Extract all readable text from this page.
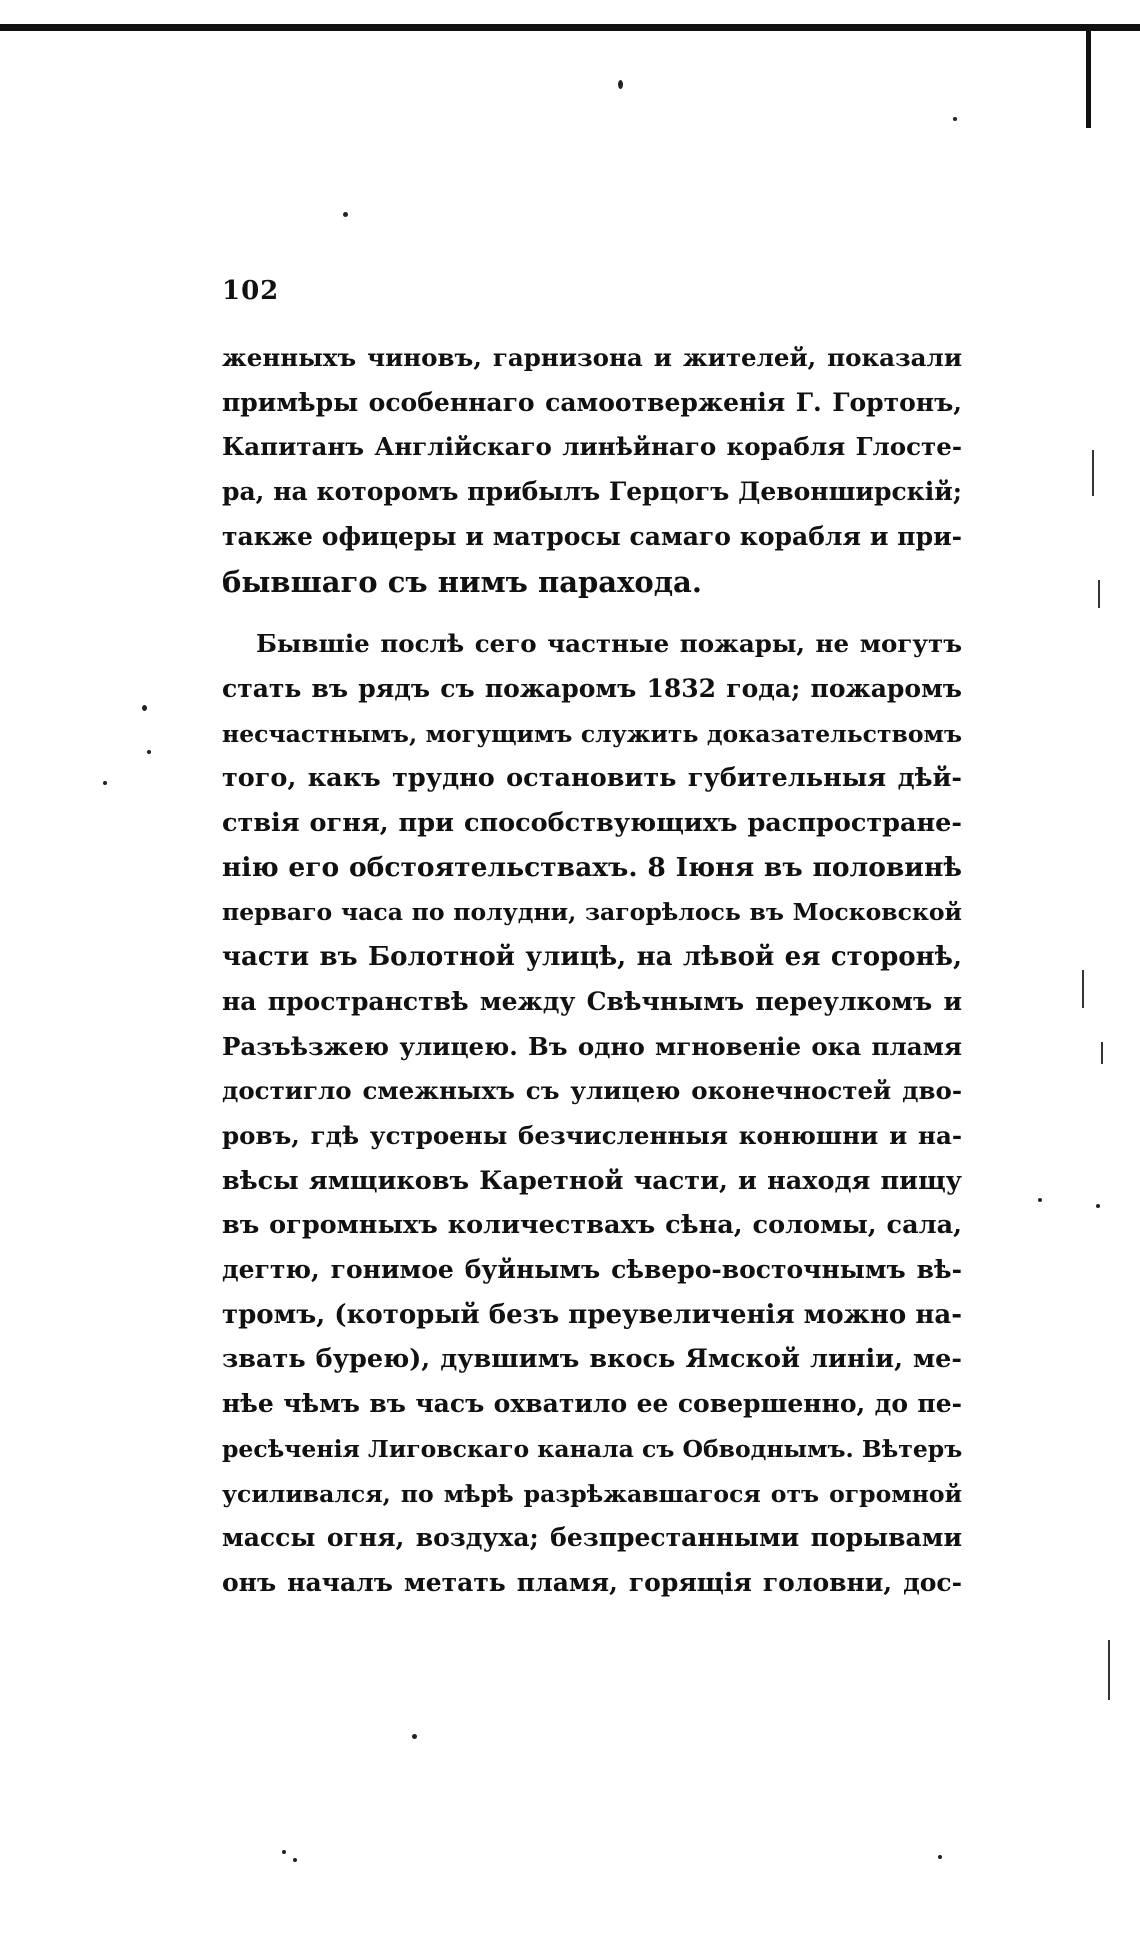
102
женныхъ чиновъ, гарнизона и жителей, показали
примѣры особеннаго самоотверженія Г. Гортонъ,
Капитанъ Англійскаго линѣйнаго корабля Глосте-
ра, на которомъ прибылъ Герцогъ Девонширскій;
также офицеры и матросы самаго корабля и при-
бывшаго съ нимъ парахода.
Бывшіе послѣ сего частные пожары, не могутъ
стать въ рядъ съ пожаромъ 1832 года; пожаромъ
несчастнымъ, могущимъ служить доказательствомъ
того, какъ трудно остановить губительныя дѣй-
ствія огня, при способствующихъ распростране-
нію его обстоятельствахъ. 8 Іюня въ половинѣ
перваго часа по полудни, загорѣлось въ Московской
части въ Болотной улицѣ, на лѣвой ея сторонѣ,
на пространствѣ между Свѣчнымъ переулкомъ и
Разъѣзжею улицею. Въ одно мгновеніе ока пламя
достигло смежныхъ съ улицею оконечностей дво-
ровъ, гдѣ устроены безчисленныя конюшни и на-
вѣсы ямщиковъ Каретной части, и находя пищу
въ огромныхъ количествахъ сѣна, соломы, сала,
дегтю, гонимое буйнымъ сѣверо-восточнымъ вѣ-
тромъ, (который безъ преувеличенія можно на-
звать бурею), дувшимъ вкось Ямской линіи, ме-
нѣе чѣмъ въ часъ охватило ее совершенно, до пе-
ресѣченія Лиговскаго канала съ Обводнымъ. Вѣтеръ
усиливался, по мѣрѣ разрѣжавшагося отъ огромной
массы огня, воздуха; безпрестанными порывами
онъ началъ метать пламя, горящія головни, дос-
